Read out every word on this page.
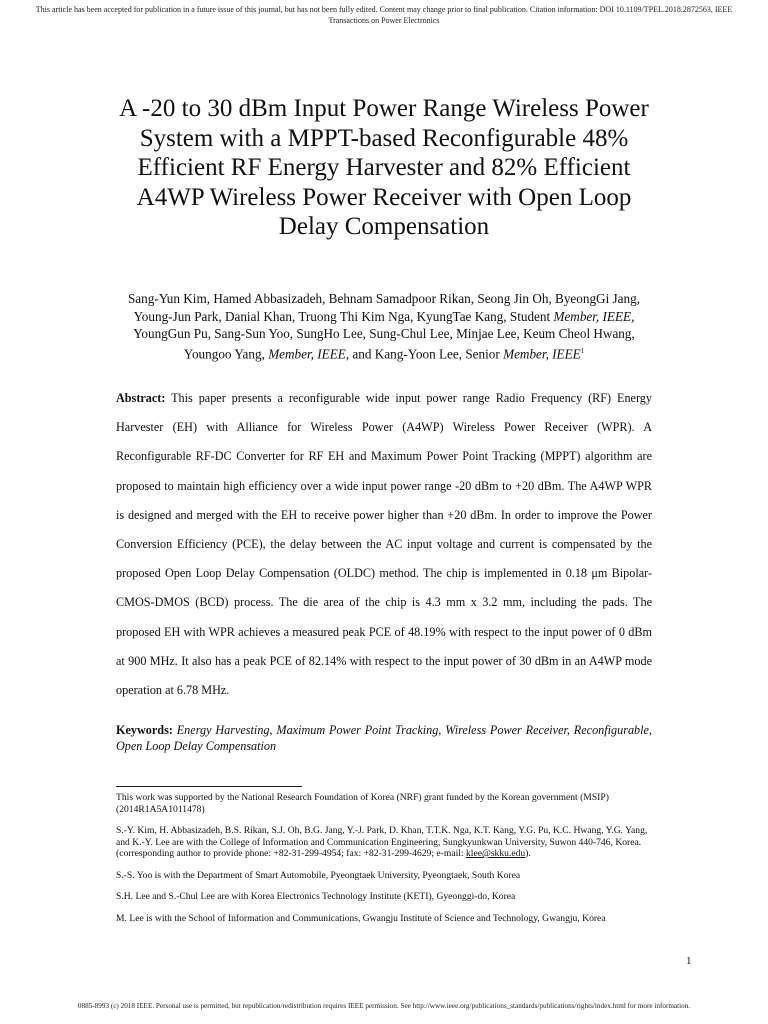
This article has been accepted for publication in a future issue of this journal, but has not been fully edited. Content may change prior to final publication. Citation information: DOI 10.1109/TPEL.2018.2872563, IEEE
Transactions on Power Electronics
A -20 to 30 dBm Input Power Range Wireless Power System with a MPPT-based Reconfigurable 48% Efficient RF Energy Harvester and 82% Efficient A4WP Wireless Power Receiver with Open Loop Delay Compensation

Sang-Yun Kim, Hamed Abbasizadeh, Behnam Samadpoor Rikan, Seong Jin Oh, ByeongGi Jang, Young-Jun Park, Danial Khan, Truong Thi Kim Nga, KyungTae Kang, Student Member, IEEE, YoungGun Pu, Sang-Sun Yoo, SungHo Lee, Sung-Chul Lee, Minjae Lee, Keum Cheol Hwang, Youngoo Yang, Member, IEEE, and Kang-Yoon Lee, Senior Member, IEEE$^1$

Abstract: This paper presents a reconfigurable wide input power range Radio Frequency (RF) Energy Harvester (EH) with Alliance for Wireless Power (A4WP) Wireless Power Receiver (WPR). A Reconfigurable RF-DC Converter for RF EH and Maximum Power Point Tracking (MPPT) algorithm are proposed to maintain high efficiency over a wide input power range -20 dBm to +20 dBm. The A4WP WPR is designed and merged with the EH to receive power higher than +20 dBm. In order to improve the Power Conversion Efficiency (PCE), the delay between the AC input voltage and current is compensated by the proposed Open Loop Delay Compensation (OLDC) method. The chip is implemented in 0.18 μm Bipolar-CMOS-DMOS (BCD) process. The die area of the chip is 4.3 mm x 3.2 mm, including the pads. The proposed EH with WPR achieves a measured peak PCE of 48.19% with respect to the input power of 0 dBm at 900 MHz. It also has a peak PCE of 82.14% with respect to the input power of 30 dBm in an A4WP mode operation at 6.78 MHz.

Keywords: Energy Harvesting, Maximum Power Point Tracking, Wireless Power Receiver, Reconfigurable, Open Loop Delay Compensation

This work was supported by the National Research Foundation of Korea (NRF) grant funded by the Korean government (MSIP) (2014R1A5A1011478)

S.-Y. Kim, H. Abbasizadeh, B.S. Rikan, S.J. Oh, B.G. Jang, Y.-J. Park, D. Khan, T.T.K. Nga, K.T. Kang, Y.G. Pu, K.C. Hwang, Y.G. Yang, and K.-Y. Lee are with the College of Information and Communication Engineering, Sungkyunkwan University, Suwon 440-746, Korea. (corresponding author to provide phone: +82-31-299-4954; fax: +82-31-299-4629; e-mail: klee@skku.edu).

S.-S. Yoo is with the Department of Smart Automobile, Pyeongtaek University, Pyeongtaek, South Korea

S.H. Lee and S.-Chul Lee are with Korea Electronics Technology Institute (KETI), Gyeonggi-do, Korea

M. Lee is with the School of Information and Communications, Gwangju Institute of Science and Technology, Gwangju, Korea

1
0885-8993 (c) 2018 IEEE. Personal use is permitted, but republication/redistribution requires IEEE permission. See http://www.ieee.org/publications_standards/publications/rights/index.html for more information.
